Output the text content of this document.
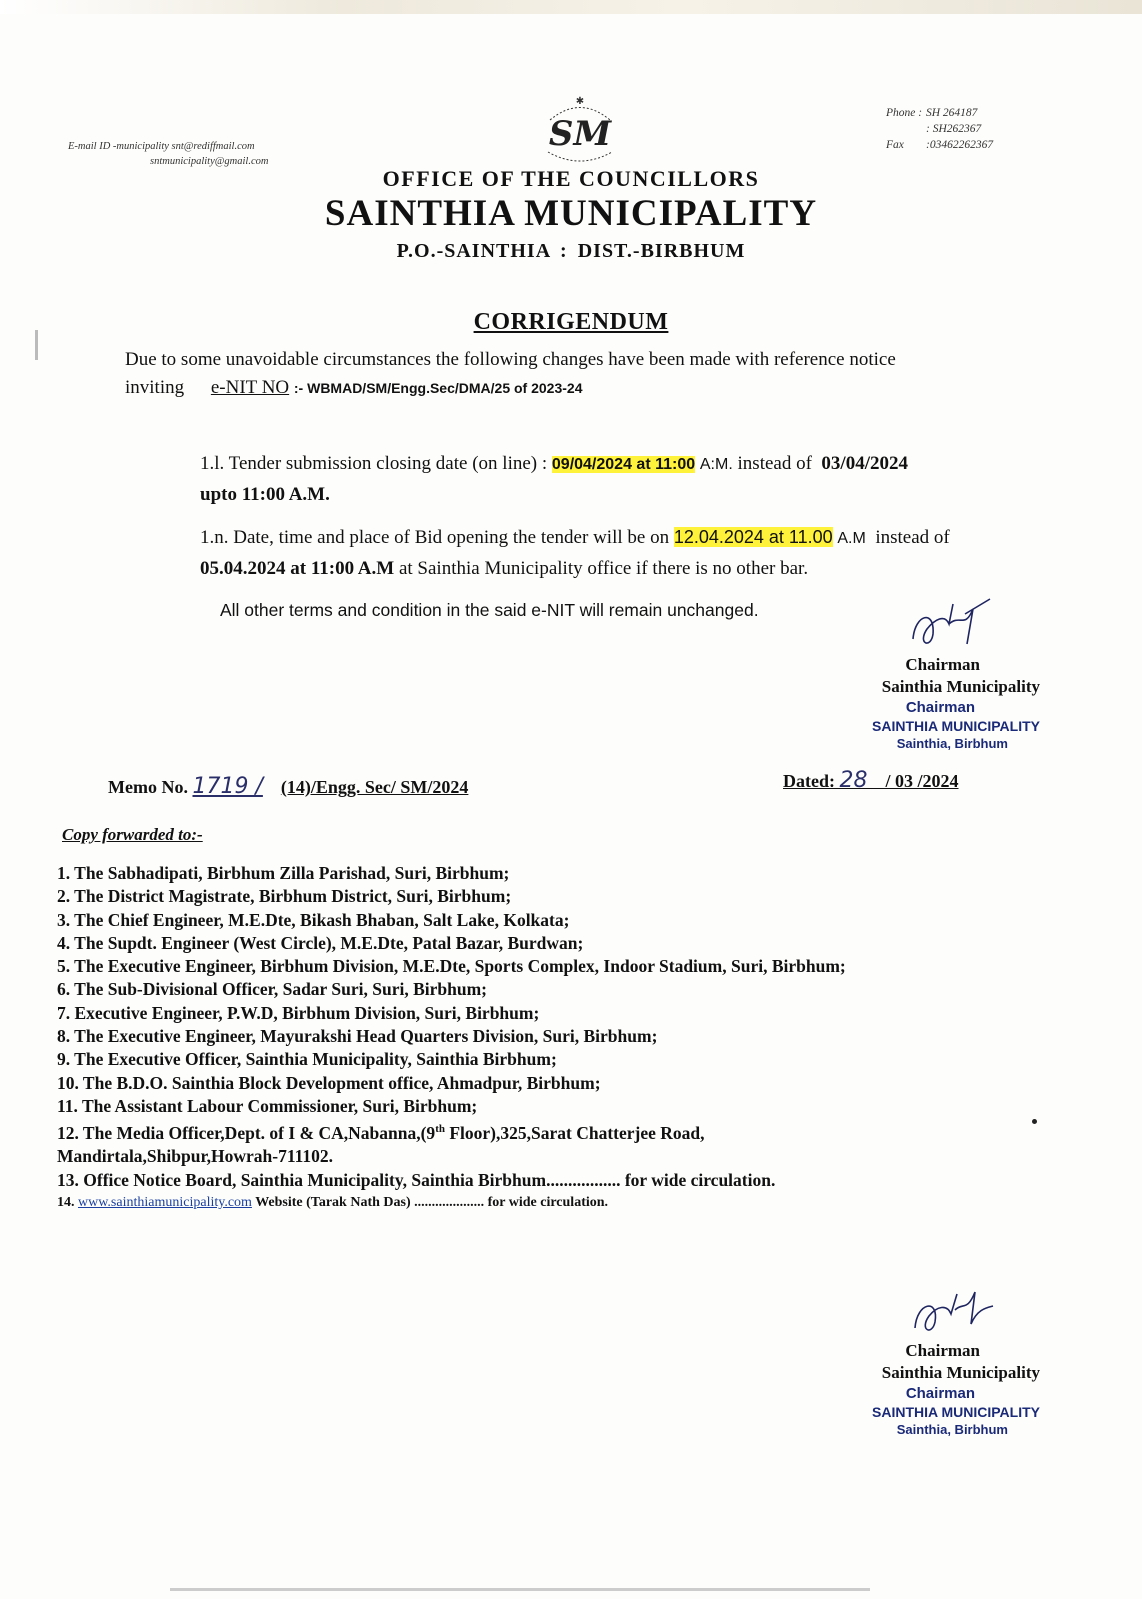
E-mail ID -municipality snt@rediffmail.com
sntmunicipality@gmail.com
✱
SM
Phone : SH 264187
: SH262367
Fax	:03462262367
OFFICE OF THE COUNCILLORS
SAINTHIA MUNICIPALITY
P.O.-SAINTHIA : DIST.-BIRBHUM
CORRIGENDUM
Due to some unavoidable circumstances the following changes have been made with reference notice
inviting e-NIT NO :- WBMAD/SM/Engg.Sec/DMA/25 of 2023-24
1.l. Tender submission closing date (on line) : 09/04/2024 at 11:00 A:M. instead of 03/04/2024
upto 11:00 A.M.
1.n. Date, time and place of Bid opening the tender will be on 12.04.2024 at 11.00 A.M instead of
05.04.2024 at 11:00 A.M at Sainthia Municipality office if there is no other bar.
All other terms and condition in the said e-NIT will remain unchanged.
Chairman
Sainthia Municipality
Chairman
SAINTHIA MUNICIPALITY
Sainthia, Birbhum
Memo No. 1719 / (14)/Engg. Sec/ SM/2024	Dated: 28 / 03 /2024
Copy forwarded to:-
1. The Sabhadipati, Birbhum Zilla Parishad, Suri, Birbhum;
2. The District Magistrate, Birbhum District, Suri, Birbhum;
3. The Chief Engineer, M.E.Dte, Bikash Bhaban, Salt Lake, Kolkata;
4. The Supdt. Engineer (West Circle), M.E.Dte, Patal Bazar, Burdwan;
5. The Executive Engineer, Birbhum Division, M.E.Dte, Sports Complex, Indoor Stadium, Suri, Birbhum;
6. The Sub-Divisional Officer, Sadar Suri, Suri, Birbhum;
7. Executive Engineer, P.W.D, Birbhum Division, Suri, Birbhum;
8. The Executive Engineer, Mayurakshi Head Quarters Division, Suri, Birbhum;
9. The Executive Officer, Sainthia Municipality, Sainthia Birbhum;
10. The B.D.O. Sainthia Block Development office, Ahmadpur, Birbhum;
11. The Assistant Labour Commissioner, Suri, Birbhum;
12. The Media Officer,Dept. of I & CA,Nabanna,(9th Floor),325,Sarat Chatterjee Road,
Mandirtala,Shibpur,Howrah-711102.
13. Office Notice Board, Sainthia Municipality, Sainthia Birbhum................. for wide circulation.
14. www.sainthiamunicipality.com Website (Tarak Nath Das) .................... for wide circulation.
Chairman
Sainthia Municipality
Chairman
SAINTHIA MUNICIPALITY
Sainthia, Birbhum
